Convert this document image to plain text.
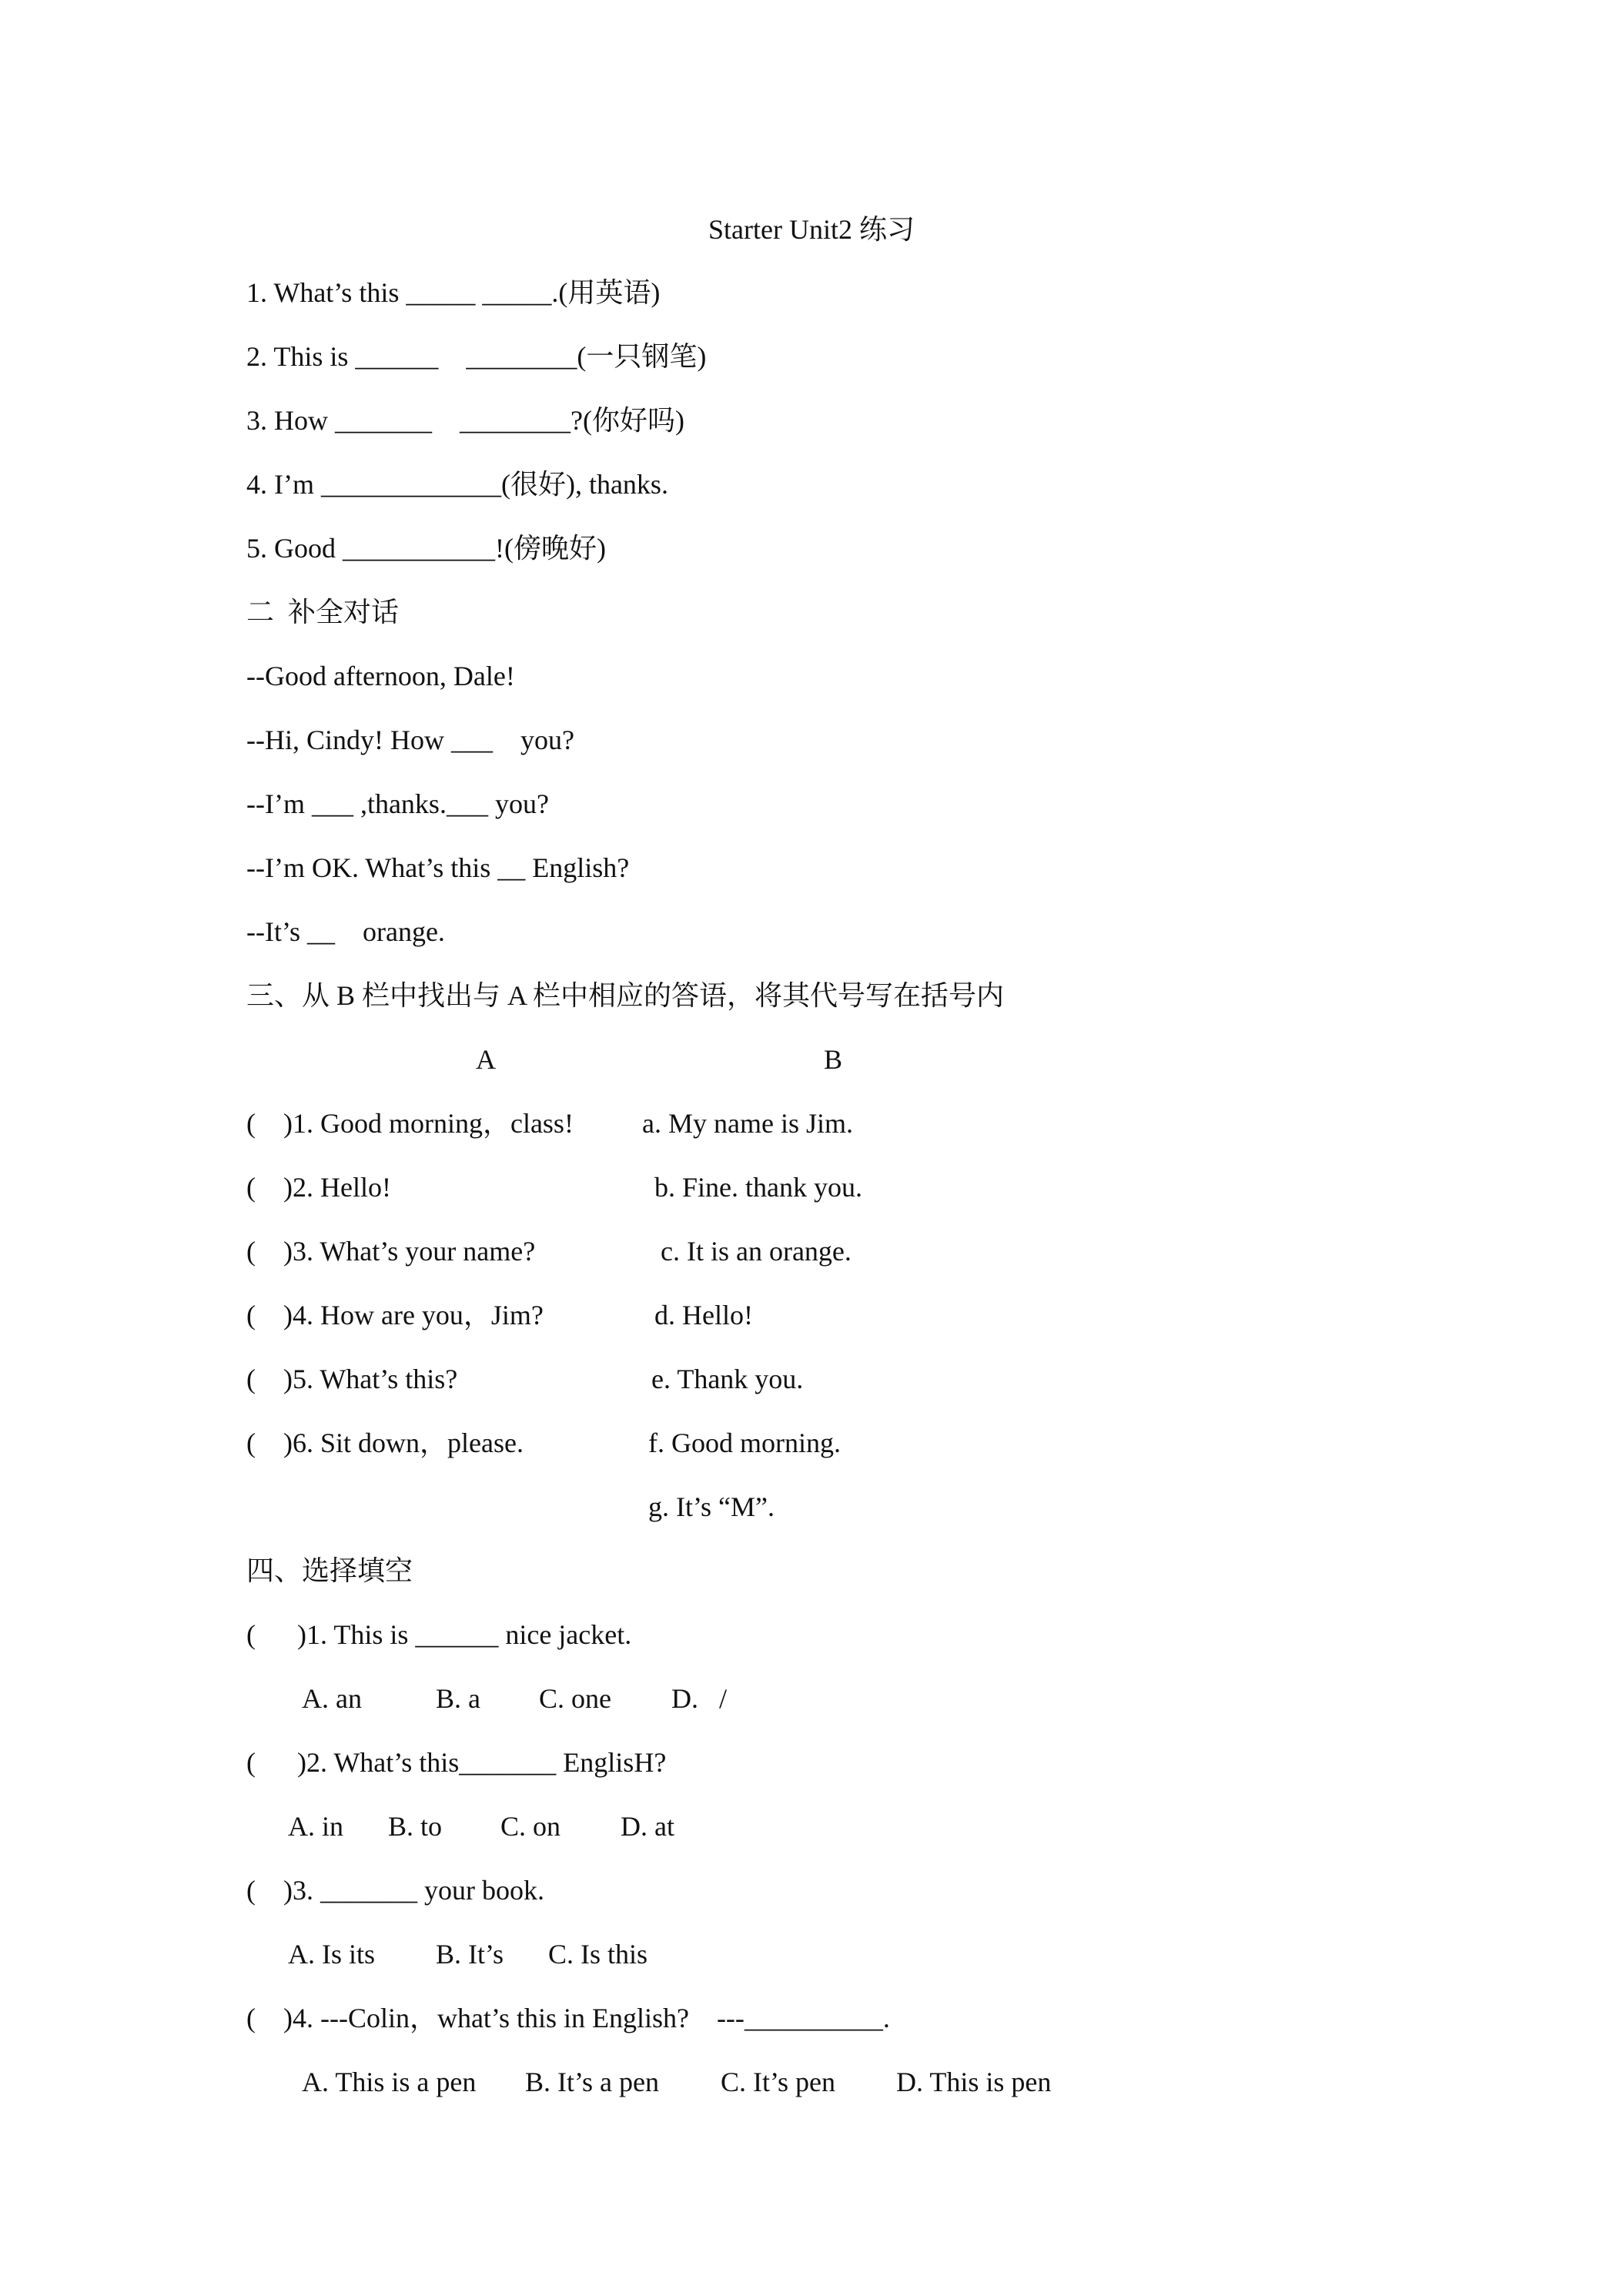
Starter Unit2 练习
1. What’s this _____ _____.(用英语)
2. This is ______    ________(一只钢笔)
3. How _______    ________?(你好吗)
4. I’m _____________(很好), thanks.
5. Good ___________!(傍晚好)
二  补全对话
--Good afternoon, Dale!
--Hi, Cindy! How ___    you?
--I’m ___ ,thanks.___ you?
--I’m OK. What’s this __ English?
--It’s __    orange.
三、从 B 栏中找出与 A 栏中相应的答语，将其代号写在括号内
A	B
(    )1. Good morning，class! a. My name is Jim.
(    )2. Hello!	b. Fine. thank you.
(    )3. What’s your name?	c. It is an orange.
(    )4. How are you，Jim?	d. Hello!
(    )5. What’s this?	e. Thank you.
(    )6. Sit down，please.	f. Good morning.
g. It’s “M”.
四、选择填空
(      )1. This is ______ nice jacket.
A. an	B. a C. one D.   /
(      )2. What’s this_______ EnglisH?
A. in B. to C. on D. at
(    )3. _______ your book.
A. Is its B. It’s C. Is this
(    )4. ---Colin，what’s this in English?    ---__________.
A. This is a pen B. It’s a pen C. It’s pen D. This is pen
